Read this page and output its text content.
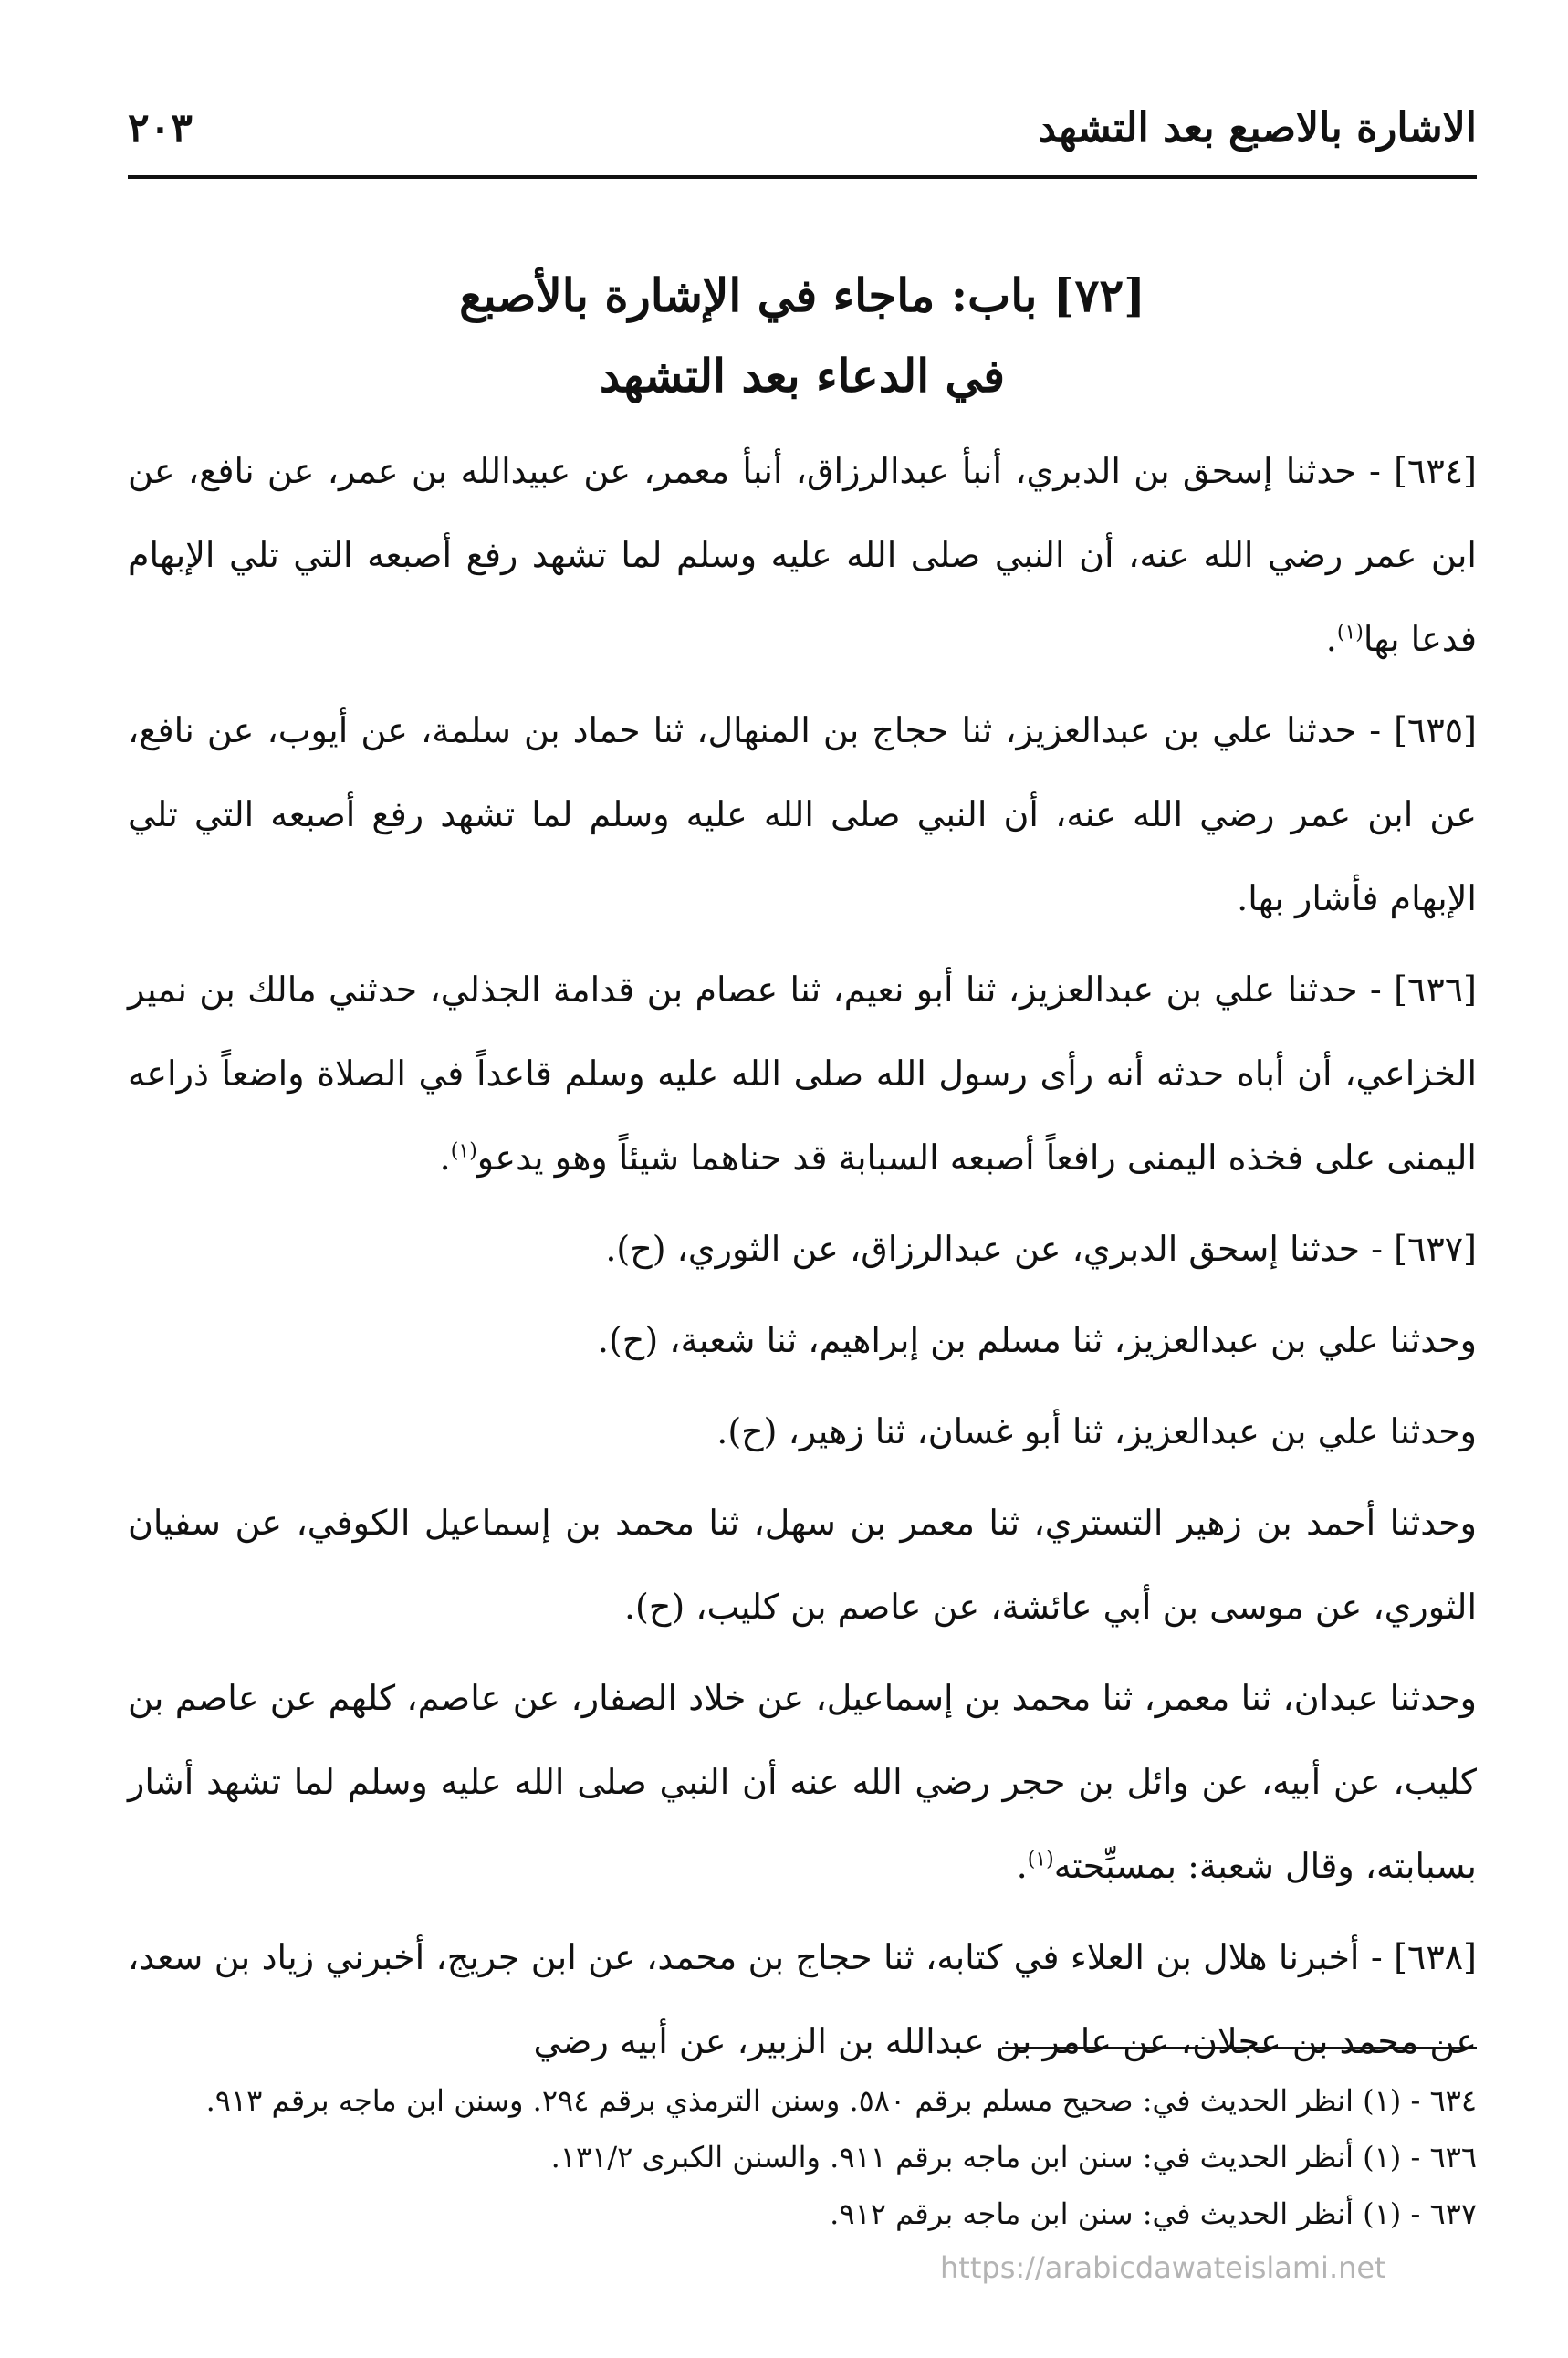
الاشارة بالاصبع بعد التشهد
٢٠٣
[٧٢] باب: ماجاء في الإشارة بالأصبع
في الدعاء بعد التشهد

[٦٣٤] - حدثنا إسحق بن الدبري، أنبأ عبدالرزاق، أنبأ معمر، عن عبيدالله بن عمر، عن نافع، عن ابن عمر رضي الله عنه، أن النبي صلى الله عليه وسلم لما تشهد رفع أصبعه التي تلي الإبهام فدعا بها$^{(١)}$.

[٦٣٥] - حدثنا علي بن عبدالعزيز، ثنا حجاج بن المنهال، ثنا حماد بن سلمة، عن أيوب، عن نافع، عن ابن عمر رضي الله عنه، أن النبي صلى الله عليه وسلم لما تشهد رفع أصبعه التي تلي الإبهام فأشار بها.

[٦٣٦] - حدثنا علي بن عبدالعزيز، ثنا أبو نعيم، ثنا عصام بن قدامة الجذلي، حدثني مالك بن نمير الخزاعي، أن أباه حدثه أنه رأى رسول الله صلى الله عليه وسلم قاعداً في الصلاة واضعاً ذراعه اليمنى على فخذه اليمنى رافعاً أصبعه السبابة قد حناهما شيئاً وهو يدعو$^{(١)}$.

[٦٣٧] - حدثنا إسحق الدبري، عن عبدالرزاق، عن الثوري، (ح).

وحدثنا علي بن عبدالعزيز، ثنا مسلم بن إبراهيم، ثنا شعبة، (ح).

وحدثنا علي بن عبدالعزيز، ثنا أبو غسان، ثنا زهير، (ح).

وحدثنا أحمد بن زهير التستري، ثنا معمر بن سهل، ثنا محمد بن إسماعيل الكوفي، عن سفيان الثوري، عن موسى بن أبي عائشة، عن عاصم بن كليب، (ح).

وحدثنا عبدان، ثنا معمر، ثنا محمد بن إسماعيل، عن خلاد الصفار، عن عاصم، كلهم عن عاصم بن كليب، عن أبيه، عن وائل بن حجر رضي الله عنه أن النبي صلى الله عليه وسلم لما تشهد أشار بسبابته، وقال شعبة: بمسبِّحته$^{(١)}$.

[٦٣٨] - أخبرنا هلال بن العلاء في كتابه، ثنا حجاج بن محمد، عن ابن جريج، أخبرني زياد بن سعد، عن محمد بن عجلان، عن عامر بن عبدالله بن الزبير، عن أبيه رضي

٦٣٤ - (١) انظر الحديث في: صحيح مسلم برقم ٥٨٠. وسنن الترمذي برقم ٢٩٤. وسنن ابن ماجه برقم ٩١٣.

٦٣٦ - (١) أنظر الحديث في: سنن ابن ماجه برقم ٩١١. والسنن الكبرى ١٣١/٢.

٦٣٧ - (١) أنظر الحديث في: سنن ابن ماجه برقم ٩١٢.

https://arabicdawateislami.net
